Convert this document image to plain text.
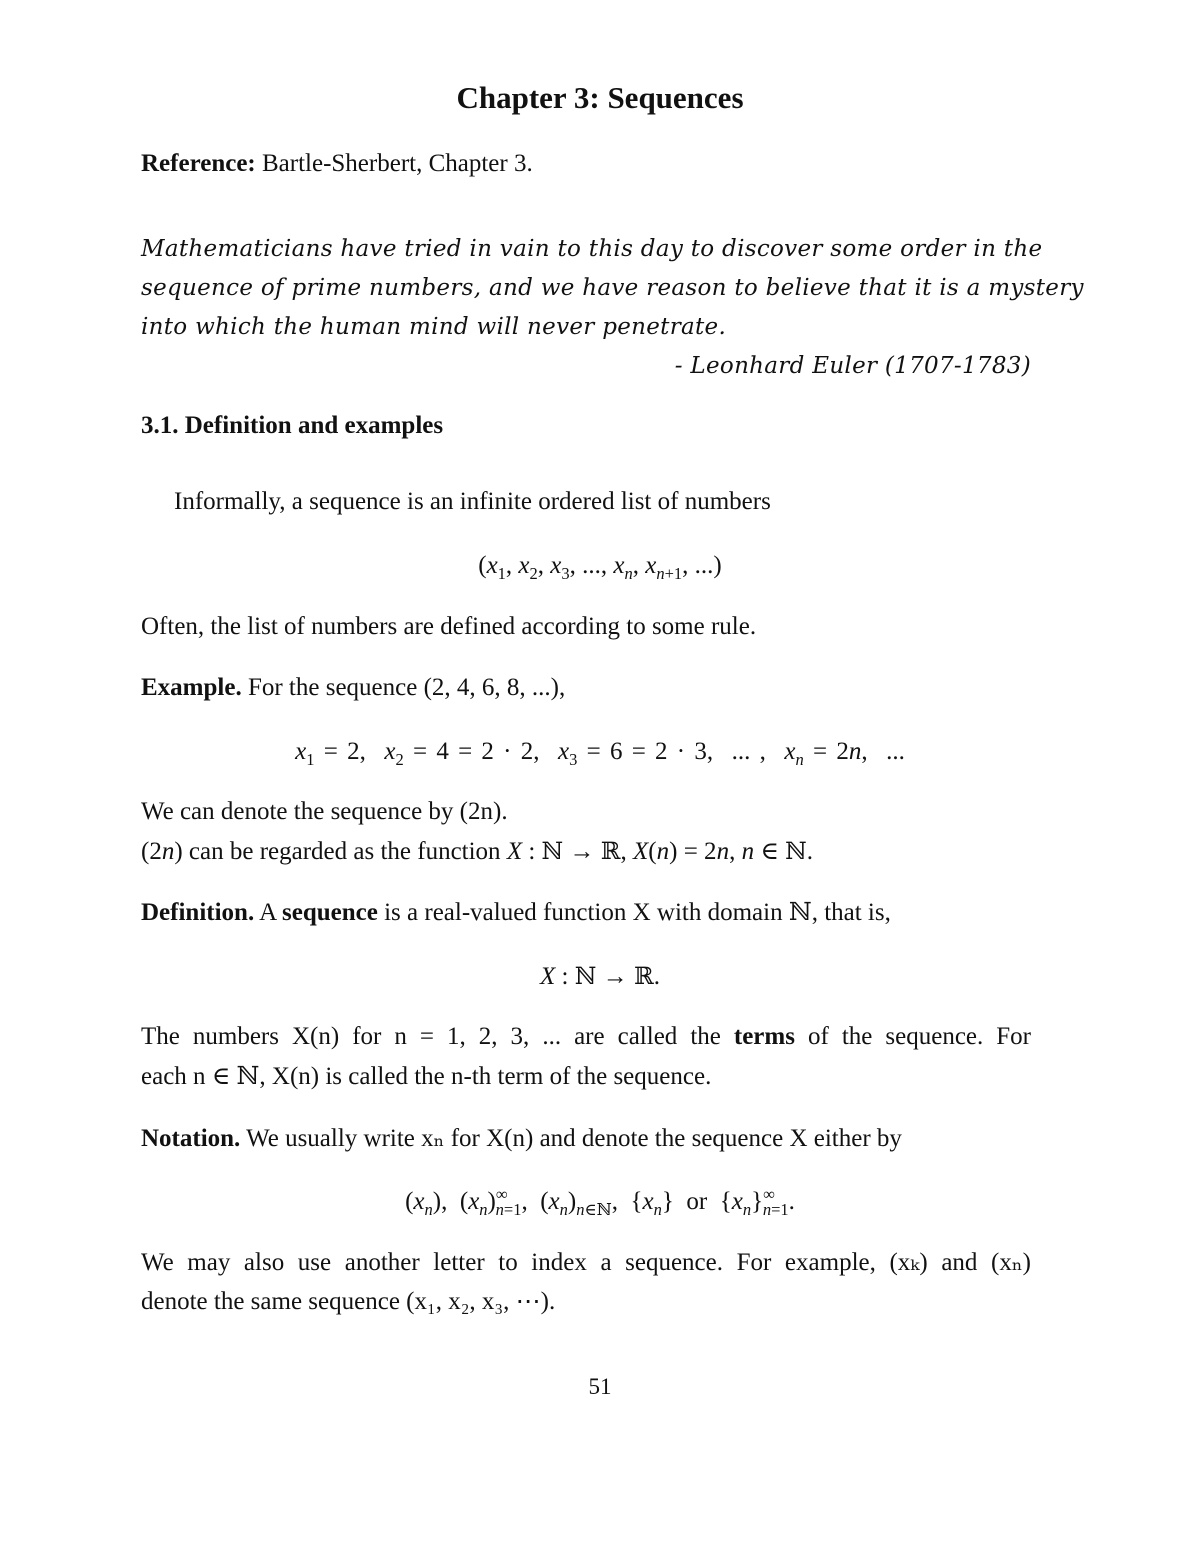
Chapter 3: Sequences
Reference: Bartle-Sherbert, Chapter 3.
Mathematicians have tried in vain to this day to discover some order in the
sequence of prime numbers, and we have reason to believe that it is a mystery
into which the human mind will never penetrate.
- Leonhard Euler (1707-1783)
3.1. Definition and examples
Informally, a sequence is an infinite ordered list of numbers
($x_1$, $x_2$, $x_3$, ..., $x_n$, $x_{n+1}$, ...)
Often, the list of numbers are defined according to some rule.
Example. For the sequence (2, 4, 6, 8, ...),
$x_1 = 2$,  $x_2 = 4 = 2 \cdot 2$,  $x_3 = 6 = 2 \cdot 3$,  ... ,  $x_n = 2n$,  ...
We can denote the sequence by (2n).
(2n) can be regarded as the function X : ℕ → ℝ, X(n) = 2n, n ∈ ℕ.
Definition. A sequence is a real-valued function X with domain ℕ, that is,
X : ℕ → ℝ.
The numbers X(n) for n = 1, 2, 3, ... are called the terms of the sequence. For
each n ∈ ℕ, X(n) is called the n-th term of the sequence.
Notation. We usually write xₙ for X(n) and denote the sequence X either by
$(x_n)$,  $(x_n)^\infty_{n=1}$,  $(x_n)_{n\in ℕ}$,  $\{x_n\}$  or  $\{x_n\}^\infty_{n=1}$.
We may also use another letter to index a sequence. For example, (xₖ) and (xₙ)
denote the same sequence (x₁, x₂, x₃, ⋯).
51
